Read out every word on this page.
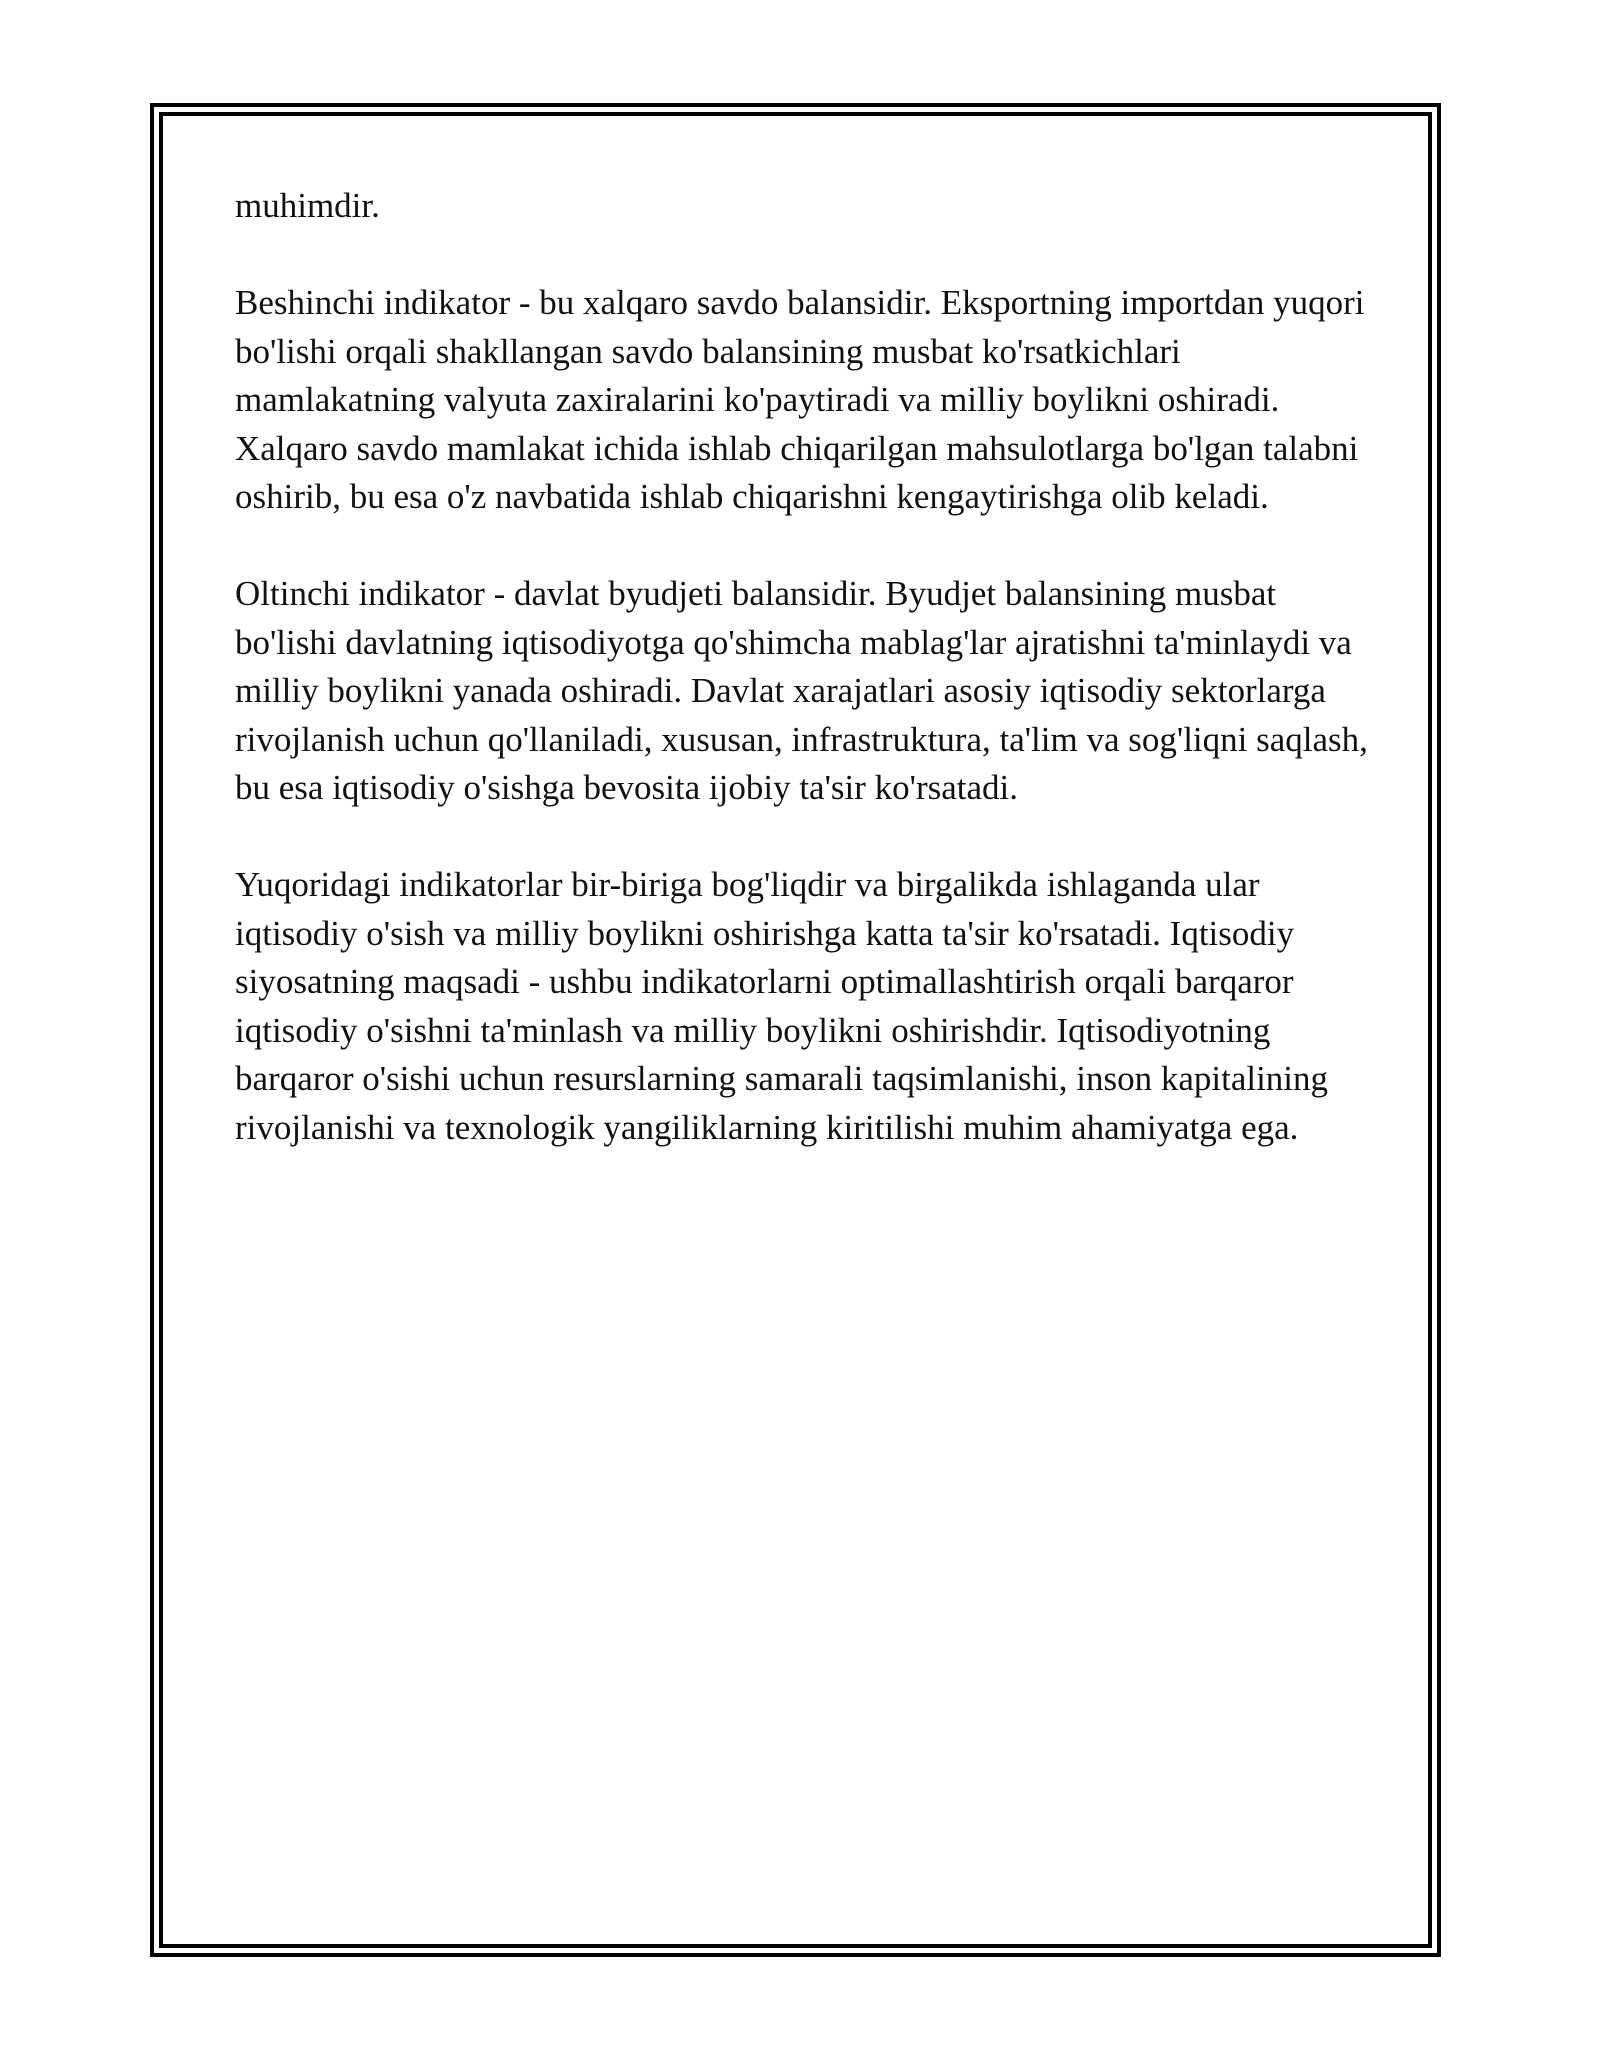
muhimdir.

Beshinchi indikator - bu xalqaro savdo balansidir. Eksportning importdan yuqori bo'lishi orqali shakllangan savdo balansining musbat ko'rsatkichlari mamlakatning valyuta zaxiralarini ko'paytiradi va milliy boylikni oshiradi. Xalqaro savdo mamlakat ichida ishlab chiqarilgan mahsulotlarga bo'lgan talabni oshirib, bu esa o'z navbatida ishlab chiqarishni kengaytirishga olib keladi.

Oltinchi indikator - davlat byudjeti balansidir. Byudjet balansining musbat bo'lishi davlatning iqtisodiyotga qo'shimcha mablag'lar ajratishni ta'minlaydi va milliy boylikni yanada oshiradi. Davlat xarajatlari asosiy iqtisodiy sektorlarga rivojlanish uchun qo'llaniladi, xususan, infrastruktura, ta'lim va sog'liqni saqlash, bu esa iqtisodiy o'sishga bevosita ijobiy ta'sir ko'rsatadi.

Yuqoridagi indikatorlar bir-biriga bog'liqdir va birgalikda ishlaganda ular iqtisodiy o'sish va milliy boylikni oshirishga katta ta'sir ko'rsatadi. Iqtisodiy siyosatning maqsadi - ushbu indikatorlarni optimallashtirish orqali barqaror iqtisodiy o'sishni ta'minlash va milliy boylikni oshirishdir. Iqtisodiyotning barqaror o'sishi uchun resurslarning samarali taqsimlanishi, inson kapitalining rivojlanishi va texnologik yangiliklarning kiritilishi muhim ahamiyatga ega.
